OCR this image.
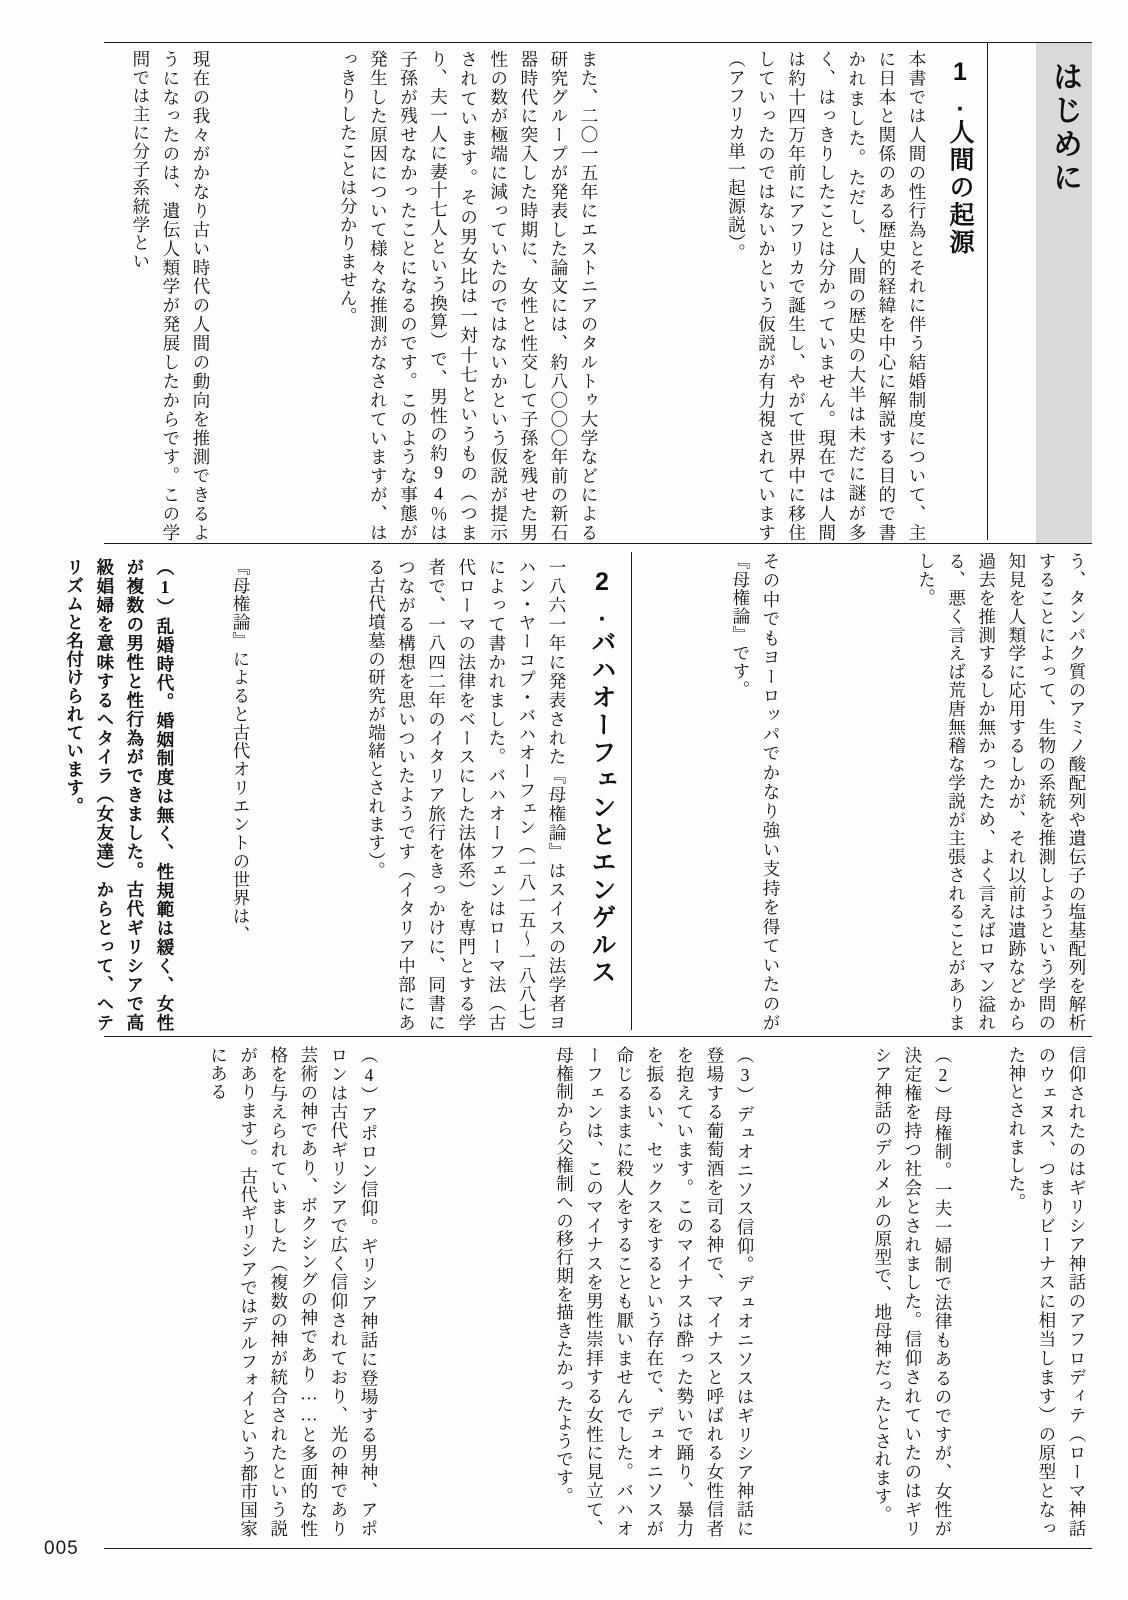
005
はじめに
1.人間の起源
本書では人間の性行為とそれに伴う結婚制度について、主に日本と関係のある歴史的経緯を中心に解説する目的で書かれました。ただし、人間の歴史の大半は未だに謎が多く、はっきりしたことは分かっていません。現在では人間は約十四万年前にアフリカで誕生し、やがて世界中に移住していったのではないかという仮説が有力視されています（アフリカ単一起源説）。
また、二〇一五年にエストニアのタルトゥ大学などによる研究グループが発表した論文には、約八〇〇〇年前の新石器時代に突入した時期に、女性と性交して子孫を残せた男性の数が極端に減っていたのではないかという仮説が提示されています。その男女比は一対十七というもの（つまり、夫一人に妻十七人という換算）で、男性の約94％は子孫が残せなかったことになるのです。このような事態が発生した原因について様々な推測がなされていますが、はっきりしたことは分かりません。
現在の我々がかなり古い時代の人間の動向を推測できるようになったのは、遺伝人類学が発展したからです。この学問では主に分子系統学とい
う、タンパク質のアミノ酸配列や遺伝子の塩基配列を解析することによって、生物の系統を推測しようという学問の知見を人類学に応用するしかが、それ以前は遺跡などから過去を推測するしか無かったため、よく言えばロマン溢れる、悪く言えば荒唐無稽な学説が主張されることがありました。
その中でもヨーロッパでかなり強い支持を得ていたのが『母権論』です。
2.バハオーフェンとエンゲルス
一八六一年に発表された『母権論』はスイスの法学者ヨハン・ヤーコプ・バハオーフェン（一八一五～一八八七）によって書かれました。バハオーフェンはローマ法（古代ローマの法律をベースにした法体系）を専門とする学者で、一八四二年のイタリア旅行をきっかけに、同書につながる構想を思いついたようです（イタリア中部にある古代墳墓の研究が端緒とされます）。
『母権論』によると古代オリエントの世界は、
（1）乱婚時代。婚姻制度は無く、性規範は緩く、女性が複数の男性と性行為ができました。古代ギリシアで高級娼婦を意味するヘタイラ（女友達）からとって、ヘテリズムと名付けられています。
信仰されたのはギリシア神話のアフロディテ（ローマ神話のウェヌス、つまりビーナスに相当します）の原型となった神とされました。
（2）母権制。一夫一婦制で法律もあるのですが、女性が決定権を持つ社会とされました。信仰されていたのはギリシア神話のデルメルの原型で、地母神だったとされます。
（3）デュオニソス信仰。デュオニソスはギリシア神話に登場する葡萄酒を司る神で、マイナスと呼ばれる女性信者を抱えています。このマイナスは酔った勢いで踊り、暴力を振るい、セックスをするという存在で、デュオニソスが命じるままに殺人をすることも厭いませんでした。バハオーフェンは、このマイナスを男性崇拝する女性に見立て、母権制から父権制への移行期を描きたかったようです。
（4）アポロン信仰。ギリシア神話に登場する男神、アポロンは古代ギリシアで広く信仰されており、光の神であり芸術の神であり、ボクシングの神であり……と多面的な性格を与えられていました（複数の神が統合されたという説があります）。古代ギリシアではデルフォイという都市国家にある
